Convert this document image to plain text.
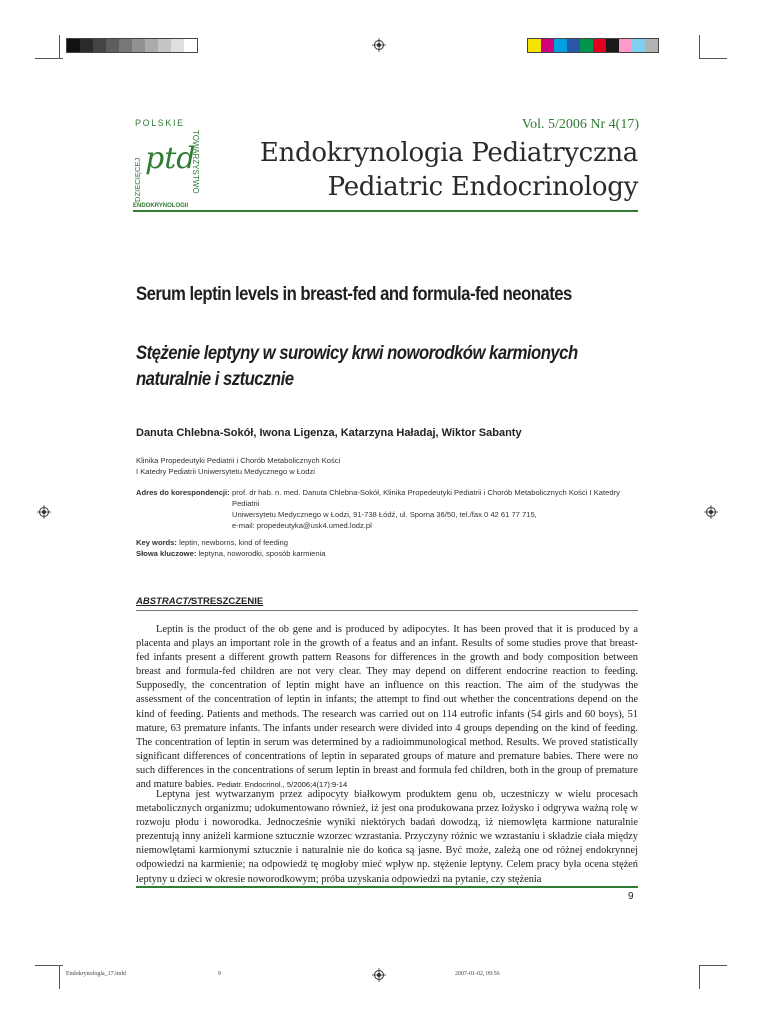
POLSKIE
TOWARZYSTWO
DZIECIĘCEJ
ENDOKRYNOLOGII
ptd
Vol. 5/2006 Nr 4(17)
Endokrynologia Pediatryczna
Pediatric Endocrinology
Serum leptin levels in breast-fed and formula-fed neonates
Stężenie leptyny w surowicy krwi noworodków karmionych naturalnie i sztucznie
Danuta Chlebna-Sokół, Iwona Ligenza, Katarzyna Haładaj, Wiktor Sabanty
Klinika Propedeutyki Pediatrii i Chorób Metabolicznych Kości
I Katedry Pediatrii Uniwersytetu Medycznego w Łodzi
Adres do korespondencji: prof. dr hab. n. med. Danuta Chlebna-Sokół, Klinika Propedeutyki Pediatrii i Chorób Metabolicznych Kości I Katedry Pediatrii
Uniwersytetu Medycznego w Łodzi, 91-738 Łódź, ul. Sporna 36/50, tel./fax 0 42 61 77 715,
e-mail: propedeutyka@usk4.umed.lodz.pl
Key words: leptin, newborns, kind of feeding
Słowa kluczowe: leptyna, noworodki, sposób karmienia
ABSTRACT/STRESZCZENIE

Leptin is the product of the ob gene and is produced by adipocytes. It has been proved that it is produced by a placenta and plays an important role in the growth of a featus and an infant. Results of some studies prove that breast-fed infants present a different growth pattern Reasons for differences in the growth and body composition between breast and formula-fed children are not very clear. They may depend on different endocrine reaction to feeding. Supposedly, the concentration of leptin might have an influence on this reaction. The aim of the studywas the assessment of the concentration of leptin in infants; the attempt to find out whether the concentrations depend on the kind of feeding. Patients and methods. The research was carried out on 114 eutrofic infants (54 girls and 60 boys), 51 mature, 63 premature infants. The infants under research were divided into 4 groups depending on the kind of feeding. The concentration of leptin in serum was determined by a radioimmunological method. Results. We proved statistically significant differences of concentrations of leptin in separated groups of mature and premature babies. There were no such differences in the concentrations of serum leptin in breast and formula fed children, both in the group of premature and mature babies. Pediatr. Endocrinol., 5/2006;4(17):9-14

Leptyna jest wytwarzanym przez adipocyty białkowym produktem genu ob, uczestniczy w wielu procesach metabolicznych organizmu; udokumentowano również, iż jest ona produkowana przez łożysko i odgrywa ważną rolę w rozwoju płodu i noworodka. Jednocześnie wyniki niektórych badań dowodzą, iż niemowlęta karmione naturalnie prezentują inny aniżeli karmione sztucznie wzorzec wzrastania. Przyczyny różnic we wzrastaniu i składzie ciała między niemowlętami karmionymi sztucznie i naturalnie nie do końca są jasne. Być może, zależą one od różnej endokrynnej odpowiedzi na karmienie; na odpowiedź tę mogłoby mieć wpływ np. stężenie leptyny. Celem pracy była ocena stężeń leptyny u dzieci w okresie noworodkowym; próba uzyskania odpowiedzi na pytanie, czy stężenia

9
Endokrynologia_17.indd	9	2007-01-02, 09:56
